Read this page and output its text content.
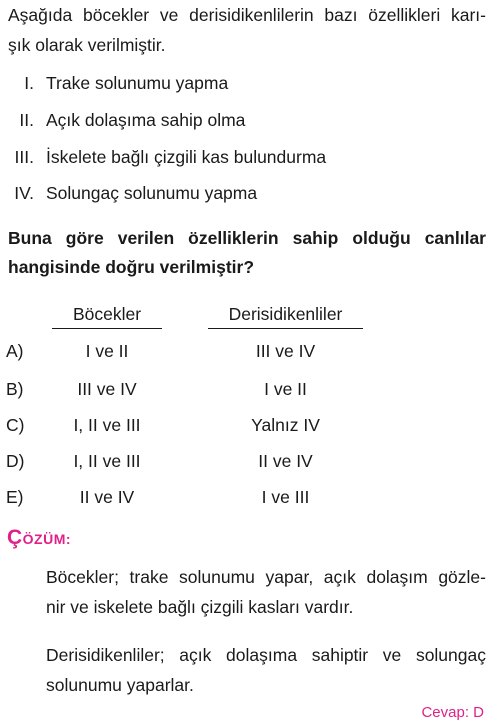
Aşağıda böcekler ve derisidikenlilerin bazı özellikleri karı-
şık olarak verilmiştir.
I. Trake solunumu yapma
II. Açık dolaşıma sahip olma
III. İskelete bağlı çizgili kas bulundurma
IV. Solungaç solunumu yapma
Buna göre verilen özelliklerin sahip olduğu canlılar
hangisinde doğru verilmiştir?
Böcekler	Derisidikenliler
A)	I ve II	III ve IV
B)	III ve IV	I ve II
C)	I, II ve III	Yalnız IV
D)	I, II ve III	II ve IV
E)	II ve IV	I ve III
ÇÖZÜM:
Böcekler; trake solunumu yapar, açık dolaşım gözle-
nir ve iskelete bağlı çizgili kasları vardır.
Derisidikenliler; açık dolaşıma sahiptir ve solungaç
solunumu yaparlar.
Cevap: D
